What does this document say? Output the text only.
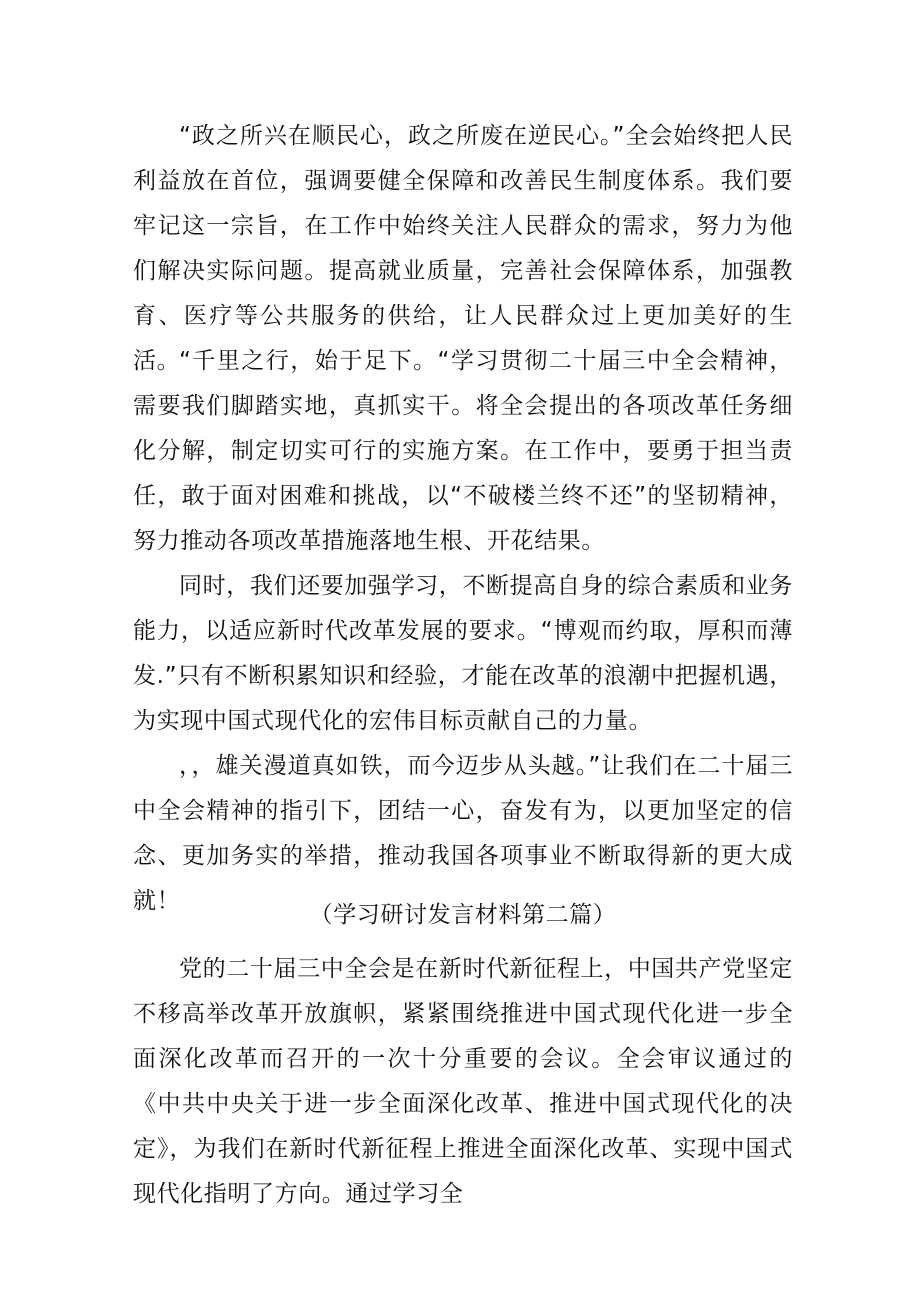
“政之所兴在顺民心，政之所废在逆民心。”全会始终把人民利益放在首位，强调要健全保障和改善民生制度体系。我们要牢记这一宗旨，在工作中始终关注人民群众的需求，努力为他们解决实际问题。提高就业质量，完善社会保障体系，加强教育、医疗等公共服务的供给，让人民群众过上更加美好的生活。

“千里之行，始于足下。“学习贯彻二十届三中全会精神，需要我们脚踏实地，真抓实干。将全会提出的各项改革任务细化分解，制定切实可行的实施方案。在工作中，要勇于担当责任，敢于面对困难和挑战，以“不破楼兰终不还”的坚韧精神，努力推动各项改革措施落地生根、开花结果。

同时，我们还要加强学习，不断提高自身的综合素质和业务能力，以适应新时代改革发展的要求。“博观而约取，厚积而薄发.”只有不断积累知识和经验，才能在改革的浪潮中把握机遇，为实现中国式现代化的宏伟目标贡献自己的力量。

，，雄关漫道真如铁，而今迈步从头越。”让我们在二十届三中全会精神的指引下，团结一心，奋发有为，以更加坚定的信念、更加务实的举措，推动我国各项事业不断取得新的更大成就！

（学习研讨发言材料第二篇）

党的二十届三中全会是在新时代新征程上，中国共产党坚定不移高举改革开放旗帜，紧紧围绕推进中国式现代化进一步全面深化改革而召开的一次十分重要的会议。全会审议通过的《中共中央关于进一步全面深化改革、推进中国式现代化的决定》，为我们在新时代新征程上推进全面深化改革、实现中国式现代化指明了方向。通过学习全
